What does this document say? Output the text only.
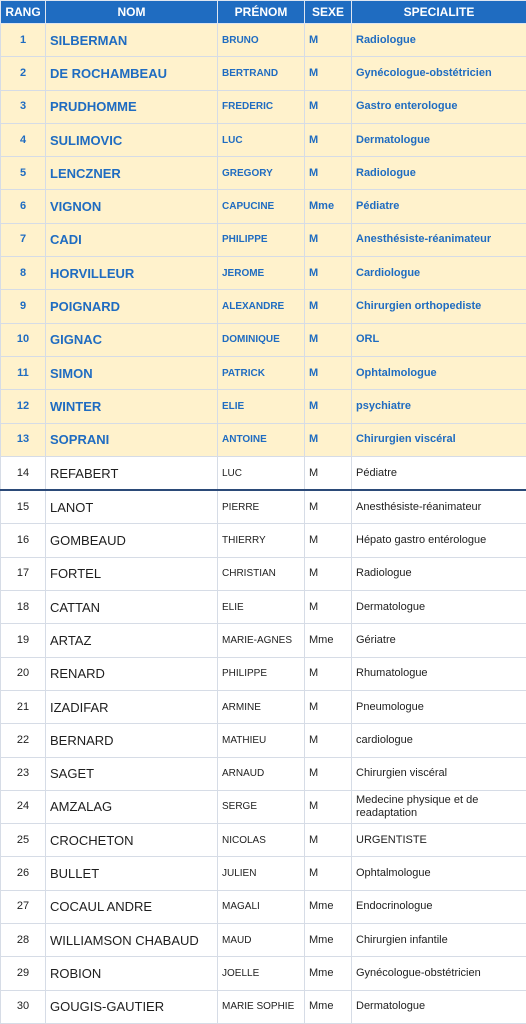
RANG	NOM	PRÉNOM	SEXE	SPECIALITE
1	SILBERMAN	BRUNO	M	Radiologue
2	DE ROCHAMBEAU	BERTRAND	M	Gynécologue-obstétricien
3	PRUDHOMME	FREDERIC	M	Gastro enterologue
4	SULIMOVIC	LUC	M	Dermatologue
5	LENCZNER	GREGORY	M	Radiologue
6	VIGNON	CAPUCINE	Mme	Pédiatre
7	CADI	PHILIPPE	M	Anesthésiste-réanimateur
8	HORVILLEUR	JEROME	M	Cardiologue
9	POIGNARD	ALEXANDRE	M	Chirurgien orthopediste
10	GIGNAC	DOMINIQUE	M	ORL
11	SIMON	PATRICK	M	Ophtalmologue
12	WINTER	ELIE	M	psychiatre
13	SOPRANI	ANTOINE	M	Chirurgien viscéral
14	REFABERT	LUC	M	Pédiatre
15	LANOT	PIERRE	M	Anesthésiste-réanimateur
16	GOMBEAUD	THIERRY	M	Hépato gastro entérologue
17	FORTEL	CHRISTIAN	M	Radiologue
18	CATTAN	ELIE	M	Dermatologue
19	ARTAZ	MARIE-AGNES	Mme	Gériatre
20	RENARD	PHILIPPE	M	Rhumatologue
21	IZADIFAR	ARMINE	M	Pneumologue
22	BERNARD	MATHIEU	M	cardiologue
23	SAGET	ARNAUD	M	Chirurgien viscéral
24	AMZALAG	SERGE	M	Medecine physique et de readaptation
25	CROCHETON	NICOLAS	M	URGENTISTE
26	BULLET	JULIEN	M	Ophtalmologue
27	COCAUL ANDRE	MAGALI	Mme	Endocrinologue
28	WILLIAMSON CHABAUD	MAUD	Mme	Chirurgien infantile
29	ROBION	JOELLE	Mme	Gynécologue-obstétricien
30	GOUGIS-GAUTIER	MARIE SOPHIE	Mme	Dermatologue
